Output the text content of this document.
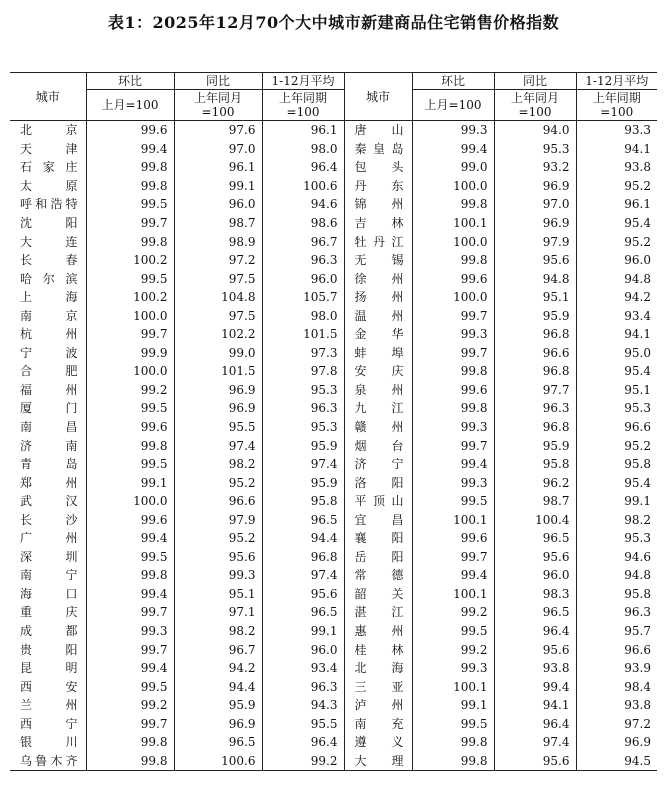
表1：2025年12月70个大中城市新建商品住宅销售价格指数
城市	环比	同比	1-12月平均	城市	环比	同比	1-12月平均
	上月=100	上年同月=100	上年同期=100		上月=100	上年同月=100	上年同期=100
北　京	99.6	97.6	96.1	唐　山	99.3	94.0	93.3
天　津	99.4	97.0	98.0	秦皇岛	99.4	95.3	94.1
石家庄	99.8	96.1	96.4	包　头	99.0	93.2	93.8
太　原	99.8	99.1	100.6	丹　东	100.0	96.9	95.2
呼和浩特	99.5	96.0	94.6	锦　州	99.8	97.0	96.1
沈　阳	99.7	98.7	98.6	吉　林	100.1	96.9	95.4
大　连	99.8	98.9	96.7	牡丹江	100.0	97.9	95.2
长　春	100.2	97.2	96.3	无　锡	99.8	95.6	96.0
哈尔滨	99.5	97.5	96.0	徐　州	99.6	94.8	94.8
上　海	100.2	104.8	105.7	扬　州	100.0	95.1	94.2
南　京	100.0	97.5	98.0	温　州	99.7	95.9	93.4
杭　州	99.7	102.2	101.5	金　华	99.3	96.8	94.1
宁　波	99.9	99.0	97.3	蚌　埠	99.7	96.6	95.0
合　肥	100.0	101.5	97.8	安　庆	99.8	96.8	95.4
福　州	99.2	96.9	95.3	泉　州	99.6	97.7	95.1
厦　门	99.5	96.9	96.3	九　江	99.8	96.3	95.3
南　昌	99.6	95.5	95.3	赣　州	99.3	96.8	96.6
济　南	99.8	97.4	95.9	烟　台	99.7	95.9	95.2
青　岛	99.5	98.2	97.4	济　宁	99.4	95.8	95.8
郑　州	99.1	95.2	95.9	洛　阳	99.3	96.2	95.4
武　汉	100.0	96.6	95.8	平顶山	99.5	98.7	99.1
长　沙	99.6	97.9	96.5	宜　昌	100.1	100.4	98.2
广　州	99.4	95.2	94.4	襄　阳	99.6	96.5	95.3
深　圳	99.5	95.6	96.8	岳　阳	99.7	95.6	94.6
南　宁	99.8	99.3	97.4	常　德	99.4	96.0	94.8
海　口	99.4	95.1	95.6	韶　关	100.1	98.3	95.8
重　庆	99.7	97.1	96.5	湛　江	99.2	96.5	96.3
成　都	99.3	98.2	99.1	惠　州	99.5	96.4	95.7
贵　阳	99.7	96.7	96.0	桂　林	99.2	95.6	96.6
昆　明	99.4	94.2	93.4	北　海	99.3	93.8	93.9
西　安	99.5	94.4	96.3	三　亚	100.1	99.4	98.4
兰　州	99.2	95.9	94.3	泸　州	99.1	94.1	93.8
西　宁	99.7	96.9	95.5	南　充	99.5	96.4	97.2
银　川	99.8	96.5	96.4	遵　义	99.8	97.4	96.9
乌鲁木齐	99.8	100.6	99.2	大　理	99.8	95.6	94.5
